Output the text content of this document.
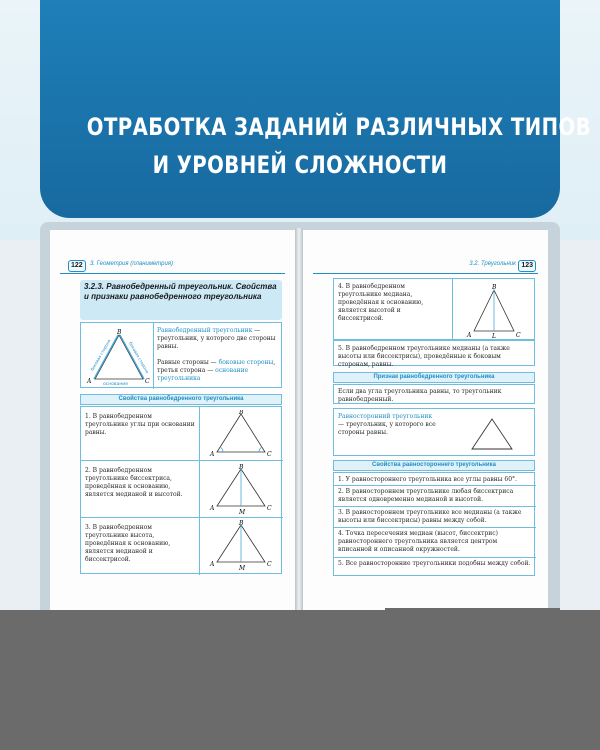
ОТРАБОТКА ЗАДАНИЙ РАЗЛИЧНЫХ ТИПОВ
И УРОВНЕЙ СЛОЖНОСТИ
122	3. Геометрия (планиметрия)
3.2.3. Равнобедренный треугольник. Свойства и признаки равнобедренного треугольника
B
A	C
основание
боковая сторона	боковая сторона
Равнобедренный треугольник — треугольник, у которого две стороны равны.
Равные стороны — боковые стороны, третья сторона — основание треугольника
Свойства равнобедренного треугольника
1. В равнобедренном треугольнике углы при основании равны.
2. В равнобедренном треугольнике биссектриса, проведённая к основанию, является медианой и высотой.
3. В равнобедренном треугольнике высота, проведённая к основанию, является медианой и биссектрисой.
B
A	C
B
A	C
M
B
A	C
M
3.2. Треугольник 123
4. В равнобедренном треугольнике медиана, проведённая к основанию, является высотой и биссектрисой.
B
A	C
L
5. В равнобедренном треугольнике медианы (а также высоты или биссектрисы), проведённые к боковым сторонам, равны.
Признак равнобедренного треугольника
Если два угла треугольника равны, то треугольник равнобедренный.
Равносторонний треугольник — треугольник, у которого все стороны равны.
Свойства равностороннего треугольника
1. У равностороннего треугольника все углы равны 60°.
2. В равностороннем треугольнике любая биссектриса является одновременно медианой и высотой.
3. В равностороннем треугольнике все медианы (а также высоты или биссектрисы) равны между собой.
4. Точка пересечения медиан (высот, биссектрис) равностороннего треугольника является центром вписанной и описанной окружностей.
5. Все равносторонние треугольники подобны между собой.
